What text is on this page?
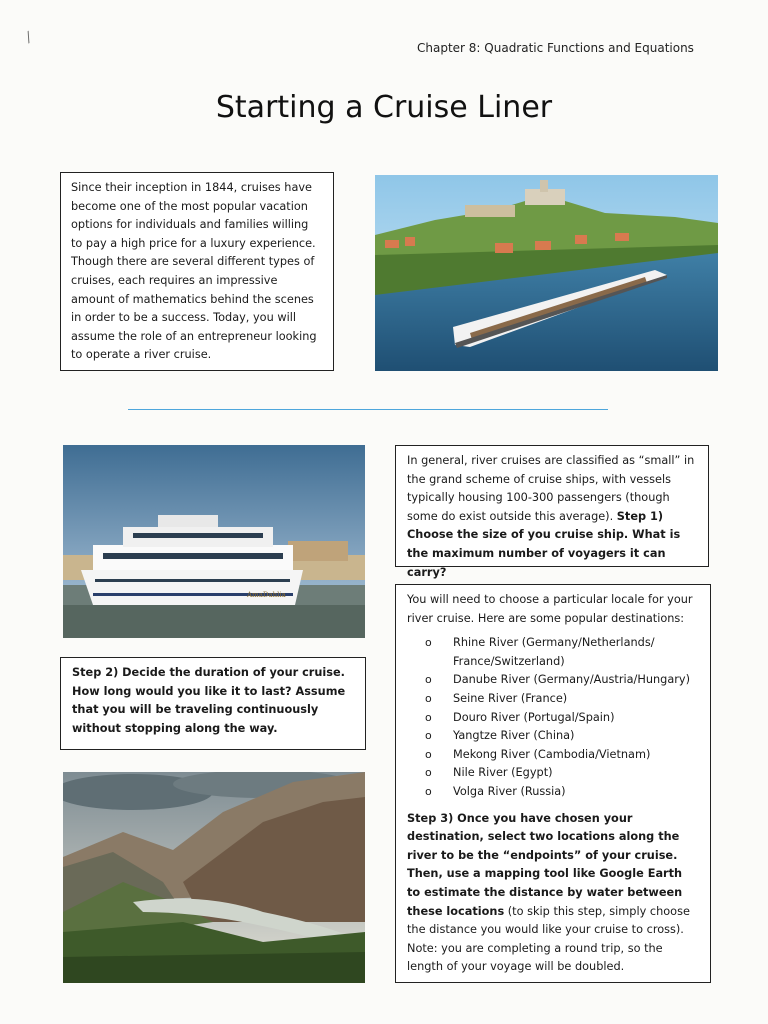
⁄
Chapter 8: Quadratic Functions and Equations
Starting a Cruise Liner

Since their inception in 1844, cruises have become one of the most popular vacation options for individuals and families willing to pay a high price for a luxury experience. Though there are several different types of cruises, each requires an impressive amount of mathematics behind the scenes in order to be a success. Today, you will assume the role of an entrepreneur looking to operate a river cruise.

AmaDahlia

In general, river cruises are classified as “small” in the grand scheme of cruise ships, with vessels typically housing 100-300 passengers (though some do exist outside this average). Step 1) Choose the size of you cruise ship. What is the maximum number of voyagers it can carry?

Step 2) Decide the duration of your cruise. How long would you like it to last? Assume that you will be traveling continuously without stopping along the way.

You will need to choose a particular locale for your river cruise. Here are some popular destinations:

o Rhine River (Germany/Netherlands/ France/Switzerland)
o Danube River (Germany/Austria/Hungary)
o Seine River (France)
o Douro River (Portugal/Spain)
o Yangtze River (China)
o Mekong River (Cambodia/Vietnam)
o Nile River (Egypt)
o Volga River (Russia)

Step 3) Once you have chosen your destination, select two locations along the river to be the “endpoints” of your cruise. Then, use a mapping tool like Google Earth to estimate the distance by water between these locations (to skip this step, simply choose the distance you would like your cruise to cross). Note: you are completing a round trip, so the length of your voyage will be doubled.
